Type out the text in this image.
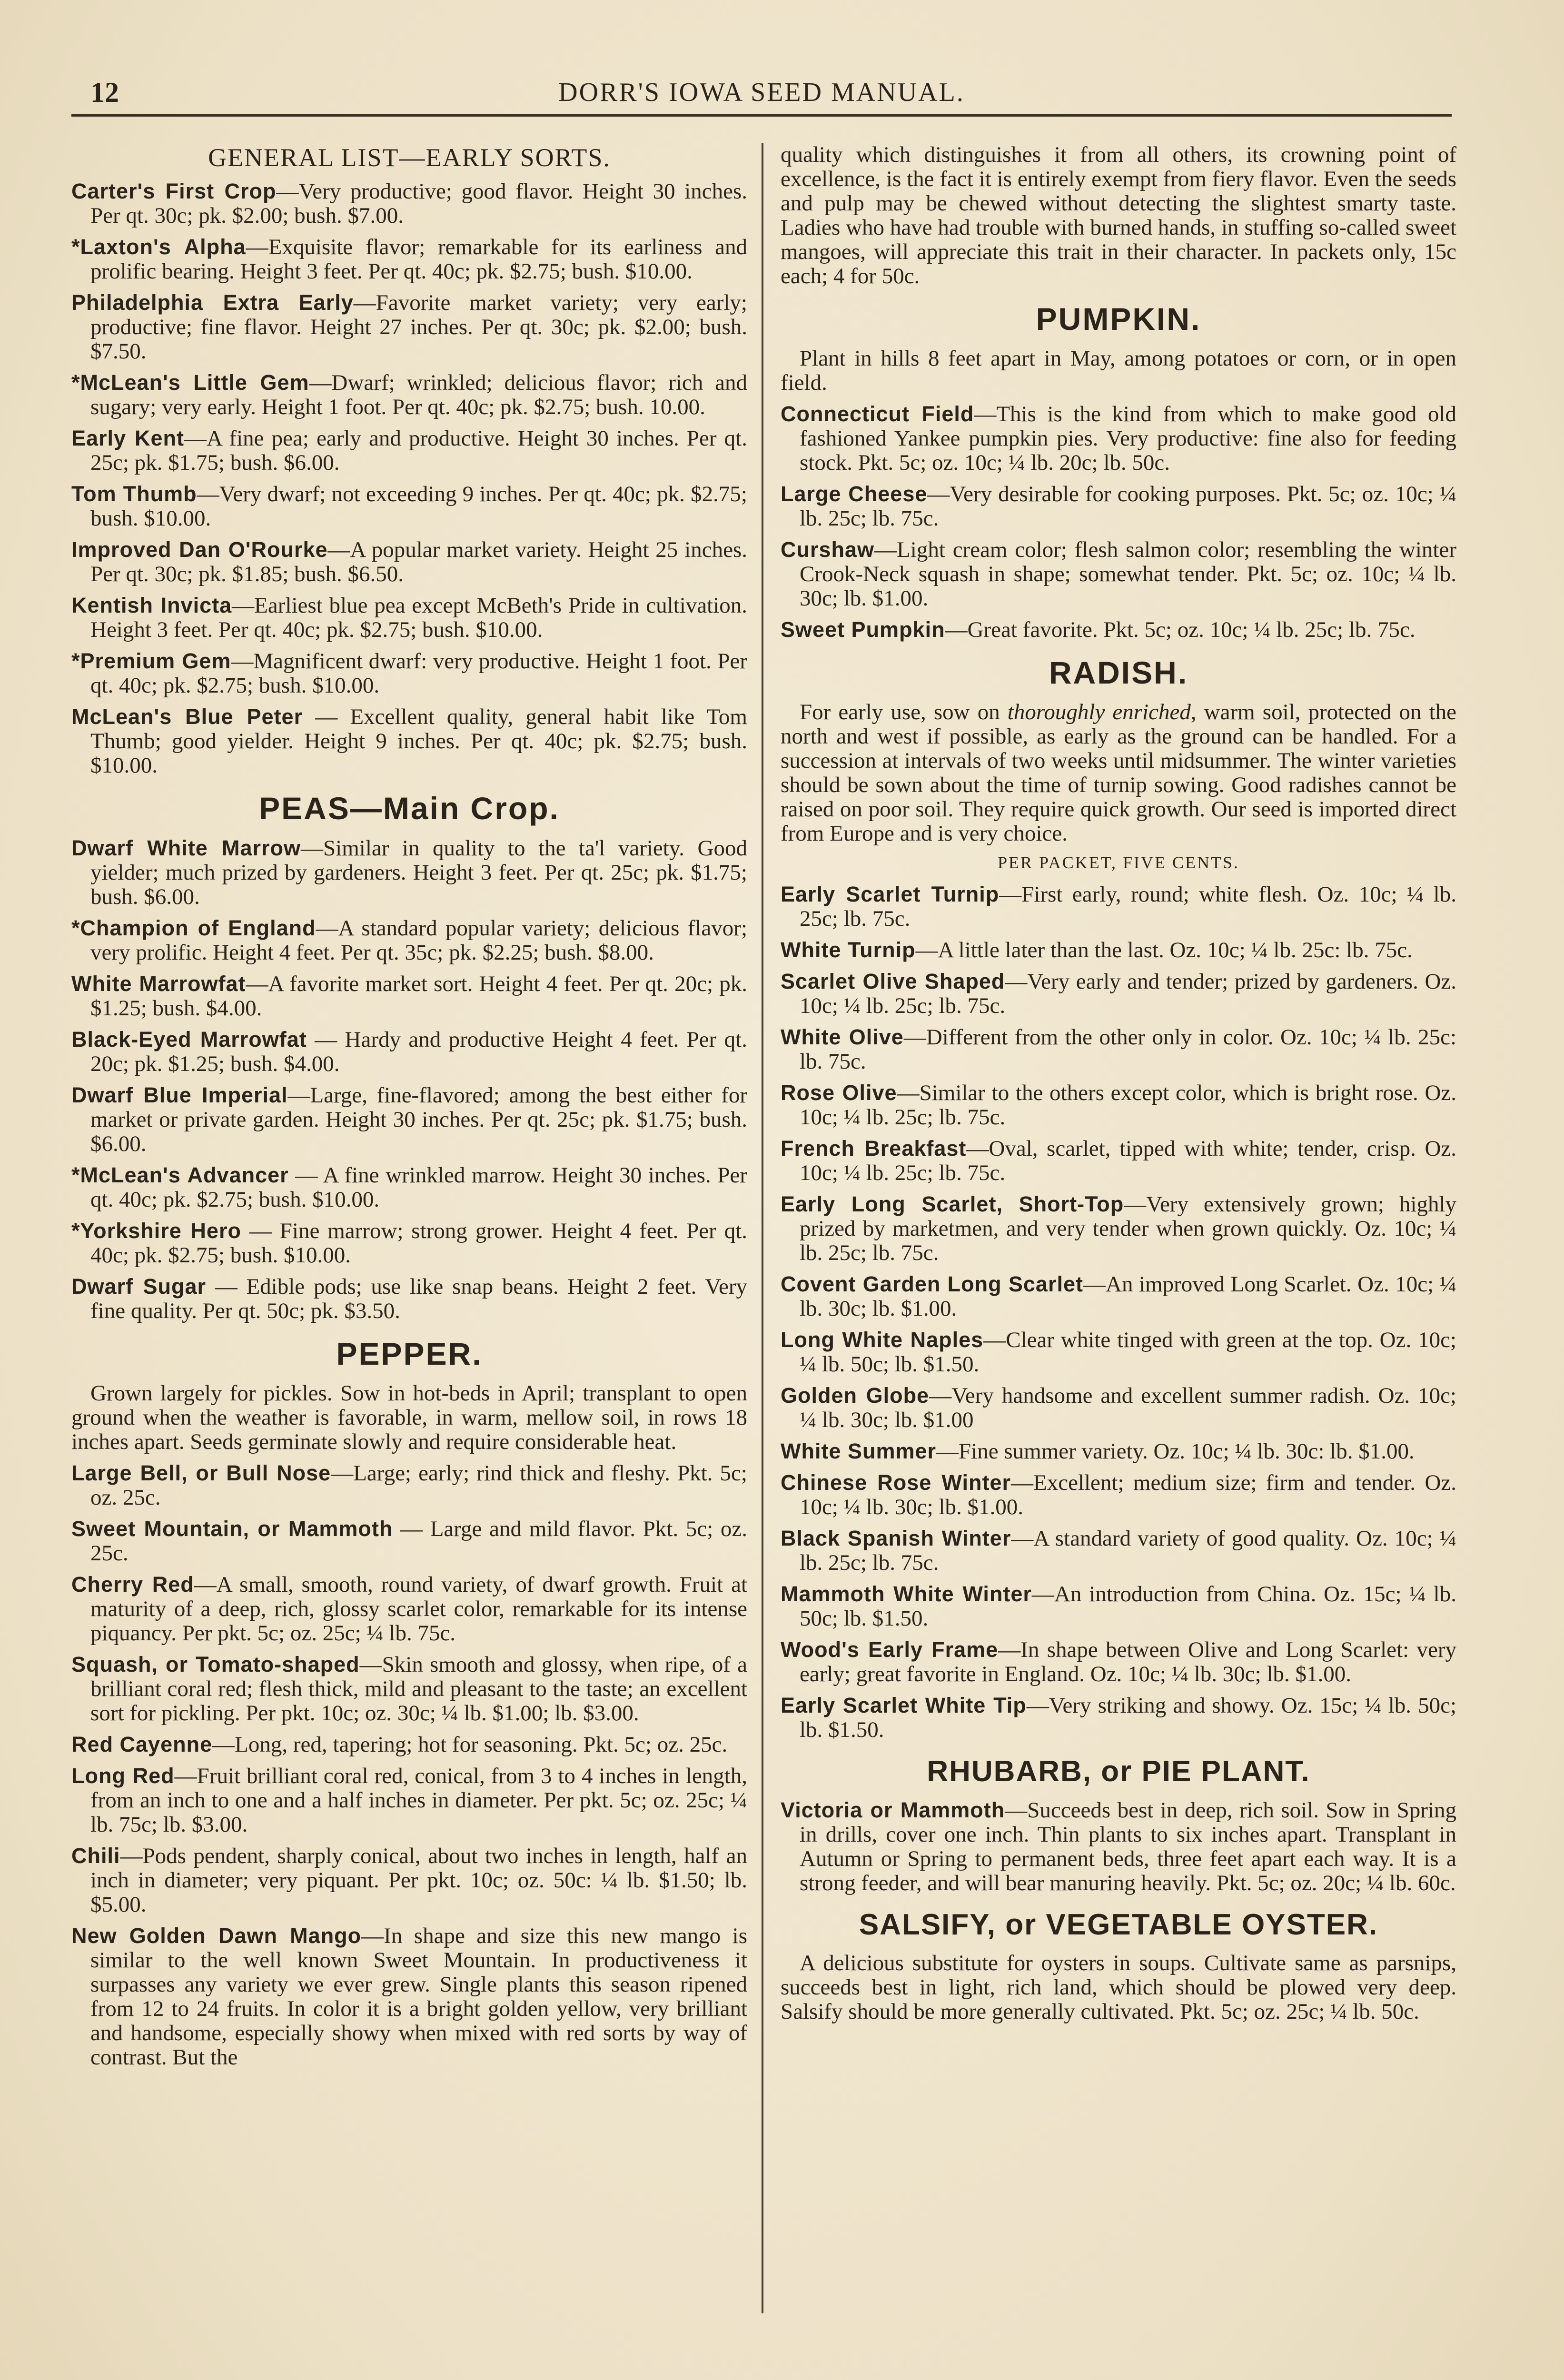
12	DORR'S IOWA SEED MANUAL.
GENERAL LIST—EARLY SORTS.

Carter's First Crop—Very productive; good flavor. Height 30 inches. Per qt. 30c; pk. $2.00; bush. $7.00.

*Laxton's Alpha—Exquisite flavor; remarkable for its earliness and prolific bearing. Height 3 feet. Per qt. 40c; pk. $2.75; bush. $10.00.

Philadelphia Extra Early—Favorite market variety; very early; productive; fine flavor. Height 27 inches. Per qt. 30c; pk. $2.00; bush. $7.50.

*McLean's Little Gem—Dwarf; wrinkled; delicious flavor; rich and sugary; very early. Height 1 foot. Per qt. 40c; pk. $2.75; bush. 10.00.

Early Kent—A fine pea; early and productive. Height 30 inches. Per qt. 25c; pk. $1.75; bush. $6.00.

Tom Thumb—Very dwarf; not exceeding 9 inches. Per qt. 40c; pk. $2.75; bush. $10.00.

Improved Dan O'Rourke—A popular market variety. Height 25 inches. Per qt. 30c; pk. $1.85; bush. $6.50.

Kentish Invicta—Earliest blue pea except McBeth's Pride in cultivation. Height 3 feet. Per qt. 40c; pk. $2.75; bush. $10.00.

*Premium Gem—Magnificent dwarf: very productive. Height 1 foot. Per qt. 40c; pk. $2.75; bush. $10.00.

McLean's Blue Peter — Excellent quality, general habit like Tom Thumb; good yielder. Height 9 inches. Per qt. 40c; pk. $2.75; bush. $10.00.

PEAS—Main Crop.

Dwarf White Marrow—Similar in quality to the ta'l variety. Good yielder; much prized by gardeners. Height 3 feet. Per qt. 25c; pk. $1.75; bush. $6.00.

*Champion of England—A standard popular variety; delicious flavor; very prolific. Height 4 feet. Per qt. 35c; pk. $2.25; bush. $8.00.

White Marrowfat—A favorite market sort. Height 4 feet. Per qt. 20c; pk. $1.25; bush. $4.00.

Black-Eyed Marrowfat — Hardy and productive Height 4 feet. Per qt. 20c; pk. $1.25; bush. $4.00.

Dwarf Blue Imperial—Large, fine-flavored; among the best either for market or private garden. Height 30 inches. Per qt. 25c; pk. $1.75; bush. $6.00.

*McLean's Advancer — A fine wrinkled marrow. Height 30 inches. Per qt. 40c; pk. $2.75; bush. $10.00.

*Yorkshire Hero — Fine marrow; strong grower. Height 4 feet. Per qt. 40c; pk. $2.75; bush. $10.00.

Dwarf Sugar — Edible pods; use like snap beans. Height 2 feet. Very fine quality. Per qt. 50c; pk. $3.50.

PEPPER.

Grown largely for pickles. Sow in hot-beds in April; transplant to open ground when the weather is favorable, in warm, mellow soil, in rows 18 inches apart. Seeds germinate slowly and require considerable heat.

Large Bell, or Bull Nose—Large; early; rind thick and fleshy. Pkt. 5c; oz. 25c.

Sweet Mountain, or Mammoth — Large and mild flavor. Pkt. 5c; oz. 25c.

Cherry Red—A small, smooth, round variety, of dwarf growth. Fruit at maturity of a deep, rich, glossy scarlet color, remarkable for its intense piquancy. Per pkt. 5c; oz. 25c; ¼ lb. 75c.

Squash, or Tomato-shaped—Skin smooth and glossy, when ripe, of a brilliant coral red; flesh thick, mild and pleasant to the taste; an excellent sort for pickling. Per pkt. 10c; oz. 30c; ¼ lb. $1.00; lb. $3.00.

Red Cayenne—Long, red, tapering; hot for seasoning. Pkt. 5c; oz. 25c.

Long Red—Fruit brilliant coral red, conical, from 3 to 4 inches in length, from an inch to one and a half inches in diameter. Per pkt. 5c; oz. 25c; ¼ lb. 75c; lb. $3.00.

Chili—Pods pendent, sharply conical, about two inches in length, half an inch in diameter; very piquant. Per pkt. 10c; oz. 50c: ¼ lb. $1.50; lb. $5.00.

New Golden Dawn Mango—In shape and size this new mango is similar to the well known Sweet Mountain. In productiveness it surpasses any variety we ever grew. Single plants this season ripened from 12 to 24 fruits. In color it is a bright golden yellow, very brilliant and handsome, especially showy when mixed with red sorts by way of contrast. But the

quality which distinguishes it from all others, its crowning point of excellence, is the fact it is entirely exempt from fiery flavor. Even the seeds and pulp may be chewed without detecting the slightest smarty taste. Ladies who have had trouble with burned hands, in stuffing so-called sweet mangoes, will appreciate this trait in their character. In packets only, 15c each; 4 for 50c.

PUMPKIN.

Plant in hills 8 feet apart in May, among potatoes or corn, or in open field.

Connecticut Field—This is the kind from which to make good old fashioned Yankee pumpkin pies. Very productive: fine also for feeding stock. Pkt. 5c; oz. 10c; ¼ lb. 20c; lb. 50c.

Large Cheese—Very desirable for cooking purposes. Pkt. 5c; oz. 10c; ¼ lb. 25c; lb. 75c.

Curshaw—Light cream color; flesh salmon color; resembling the winter Crook-Neck squash in shape; somewhat tender. Pkt. 5c; oz. 10c; ¼ lb. 30c; lb. $1.00.

Sweet Pumpkin—Great favorite. Pkt. 5c; oz. 10c; ¼ lb. 25c; lb. 75c.

RADISH.

For early use, sow on thoroughly enriched, warm soil, protected on the north and west if possible, as early as the ground can be handled. For a succession at intervals of two weeks until midsummer. The winter varieties should be sown about the time of turnip sowing. Good radishes cannot be raised on poor soil. They require quick growth. Our seed is imported direct from Europe and is very choice.

PER PACKET, FIVE CENTS.

Early Scarlet Turnip—First early, round; white flesh. Oz. 10c; ¼ lb. 25c; lb. 75c.

White Turnip—A little later than the last. Oz. 10c; ¼ lb. 25c: lb. 75c.

Scarlet Olive Shaped—Very early and tender; prized by gardeners. Oz. 10c; ¼ lb. 25c; lb. 75c.

White Olive—Different from the other only in color. Oz. 10c; ¼ lb. 25c: lb. 75c.

Rose Olive—Similar to the others except color, which is bright rose. Oz. 10c; ¼ lb. 25c; lb. 75c.

French Breakfast—Oval, scarlet, tipped with white; tender, crisp. Oz. 10c; ¼ lb. 25c; lb. 75c.

Early Long Scarlet, Short-Top—Very extensively grown; highly prized by marketmen, and very tender when grown quickly. Oz. 10c; ¼ lb. 25c; lb. 75c.

Covent Garden Long Scarlet—An improved Long Scarlet. Oz. 10c; ¼ lb. 30c; lb. $1.00.

Long White Naples—Clear white tinged with green at the top. Oz. 10c; ¼ lb. 50c; lb. $1.50.

Golden Globe—Very handsome and excellent summer radish. Oz. 10c; ¼ lb. 30c; lb. $1.00

White Summer—Fine summer variety. Oz. 10c; ¼ lb. 30c: lb. $1.00.

Chinese Rose Winter—Excellent; medium size; firm and tender. Oz. 10c; ¼ lb. 30c; lb. $1.00.

Black Spanish Winter—A standard variety of good quality. Oz. 10c; ¼ lb. 25c; lb. 75c.

Mammoth White Winter—An introduction from China. Oz. 15c; ¼ lb. 50c; lb. $1.50.

Wood's Early Frame—In shape between Olive and Long Scarlet: very early; great favorite in England. Oz. 10c; ¼ lb. 30c; lb. $1.00.

Early Scarlet White Tip—Very striking and showy. Oz. 15c; ¼ lb. 50c; lb. $1.50.

RHUBARB, or PIE PLANT.

Victoria or Mammoth—Succeeds best in deep, rich soil. Sow in Spring in drills, cover one inch. Thin plants to six inches apart. Transplant in Autumn or Spring to permanent beds, three feet apart each way. It is a strong feeder, and will bear manuring heavily. Pkt. 5c; oz. 20c; ¼ lb. 60c.

SALSIFY, or VEGETABLE OYSTER.

A delicious substitute for oysters in soups. Cultivate same as parsnips, succeeds best in light, rich land, which should be plowed very deep. Salsify should be more generally cultivated. Pkt. 5c; oz. 25c; ¼ lb. 50c.
